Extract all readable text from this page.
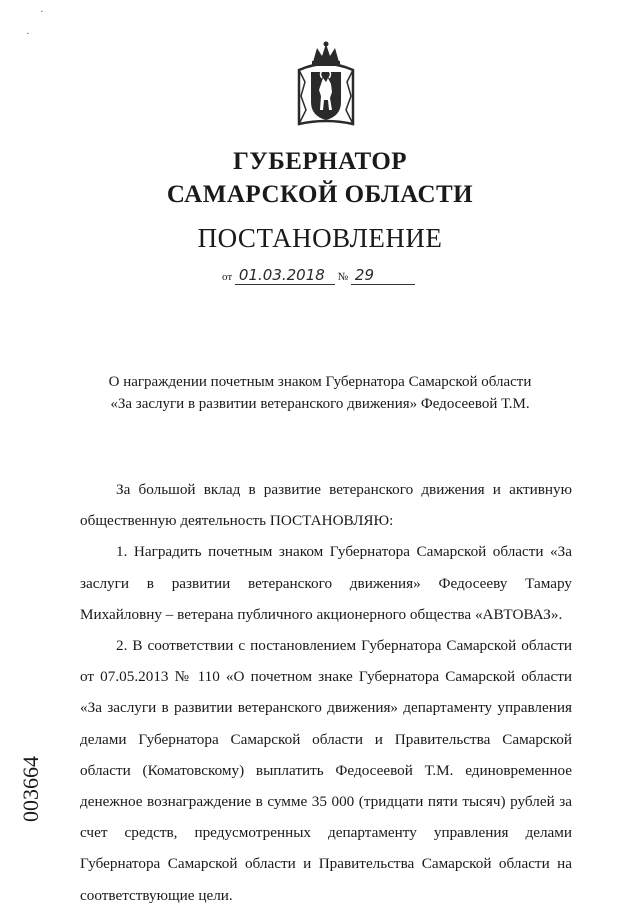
ГУБЕРНАТОР
САМАРСКОЙ ОБЛАСТИ
ПОСТАНОВЛЕНИЕ
от 01.03.2018 № 29
О награждении почетным знаком Губернатора Самарской области
«За заслуги в развитии ветеранского движения» Федосеевой Т.М.

За большой вклад в развитие ветеранского движения и активную общественную деятельность ПОСТАНОВЛЯЮ:

1. Наградить почетным знаком Губернатора Самарской области «За заслуги в развитии ветеранского движения» Федосееву Тамару Михайловну – ветерана публичного акционерного общества «АВТОВАЗ».

2. В соответствии с постановлением Губернатора Самарской области от 07.05.2013 № 110 «О почетном знаке Губернатора Самарской области «За заслуги в развитии ветеранского движения» департаменту управления делами Губернатора Самарской области и Правительства Самарской области (Коматовскому) выплатить Федосеевой Т.М. единовременное денежное вознаграждение в сумме 35 000 (тридцати пяти тысяч) рублей за счет средств, предусмотренных департаменту управления делами Губернатора Самарской области и Правительства Самарской области на соответствующие цели.

003664
·
·
